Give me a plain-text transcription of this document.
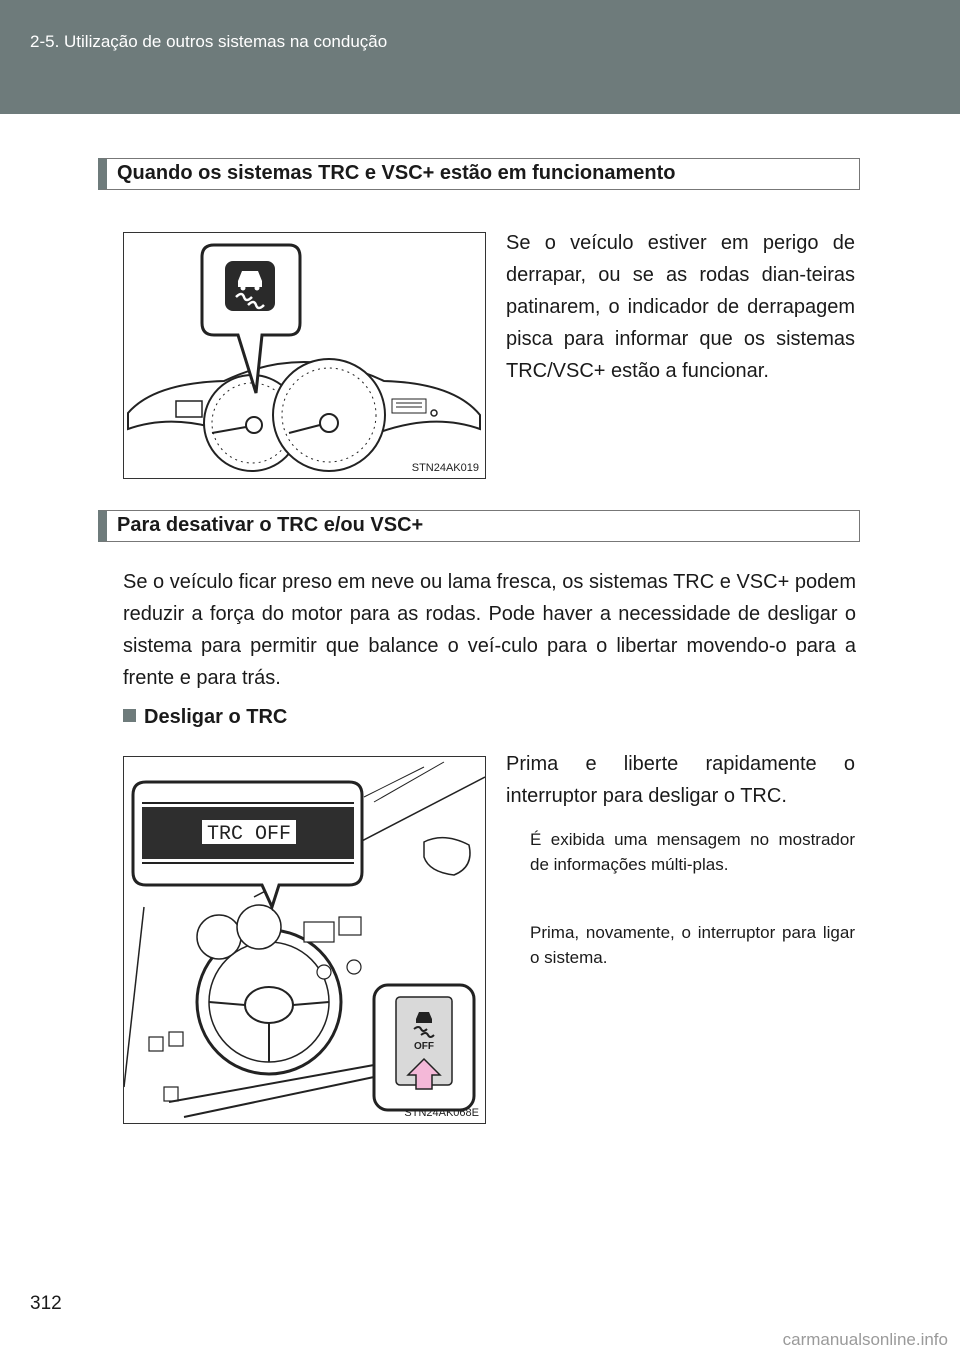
2-5. Utilização de outros sistemas na condução
Quando os sistemas TRC e VSC+ estão em funcionamento
STN24AK019

Se o veículo estiver em perigo de derrapar, ou se as rodas dian-teiras patinarem, o indicador de derrapagem pisca para informar que os sistemas TRC/VSC+ estão a funcionar.

Para desativar o TRC e/ou VSC+

Se o veículo ficar preso em neve ou lama fresca, os sistemas TRC e VSC+ podem reduzir a força do motor para as rodas. Pode haver a necessidade de desligar o sistema para permitir que balance o veí-culo para o libertar movendo-o para a frente e para trás.

Desligar o TRC
TRC OFF
OFF
STN24AK068E

Prima e liberte rapidamente o interruptor para desligar o TRC.

É exibida uma mensagem no mostrador de informações múlti-plas.

Prima, novamente, o interruptor para ligar o sistema.

312
carmanualsonline.info
